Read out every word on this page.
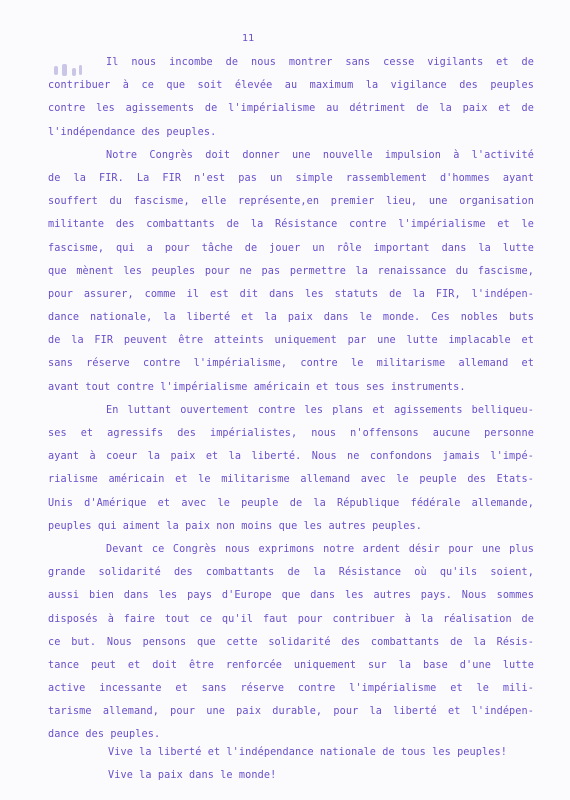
11
Il nous incombe de nous montrer sans cesse vigilants et de
contribuer à ce que soit élevée au maximum la vigilance des peuples
contre les agissements de l'impérialisme au détriment de la paix et de
l'indépendance des peuples.
Notre Congrès doit donner une nouvelle impulsion à l'activité
de la FIR. La FIR n'est pas un simple rassemblement d'hommes ayant
souffert du fascisme, elle représente,en premier lieu, une organisation
militante des combattants de la Résistance contre l'impérialisme et le
fascisme, qui a pour tâche de jouer un rôle important dans la lutte
que mènent les peuples pour ne pas permettre la renaissance du fascisme,
pour assurer, comme il est dit dans les statuts de la FIR, l'indépen-
dance nationale, la liberté et la paix dans le monde. Ces nobles buts
de la FIR peuvent être atteints uniquement par une lutte implacable et
sans réserve contre l'impérialisme, contre le militarisme allemand et
avant tout contre l'impérialisme américain et tous ses instruments.
En luttant ouvertement contre les plans et agissements belliqueu-
ses et agressifs des impérialistes, nous n'offensons aucune personne
ayant à coeur la paix et la liberté. Nous ne confondons jamais l'impé-
rialisme américain et le militarisme allemand avec le peuple des Etats-
Unis d'Amérique et avec le peuple de la République fédérale allemande,
peuples qui aiment la paix non moins que les autres peuples.
Devant ce Congrès nous exprimons notre ardent désir pour une plus
grande solidarité des combattants de la Résistance où qu'ils soient,
aussi bien dans les pays d'Europe que dans les autres pays. Nous sommes
disposés à faire tout ce qu'il faut pour contribuer à la réalisation de
ce but. Nous pensons que cette solidarité des combattants de la Résis-
tance peut et doit être renforcée uniquement sur la base d'une lutte
active incessante et sans réserve contre l'impérialisme et le mili-
tarisme allemand, pour une paix durable, pour la liberté et l'indépen-
dance des peuples.
Vive la liberté et l'indépendance nationale de tous les peuples!
Vive la paix dans le monde!
